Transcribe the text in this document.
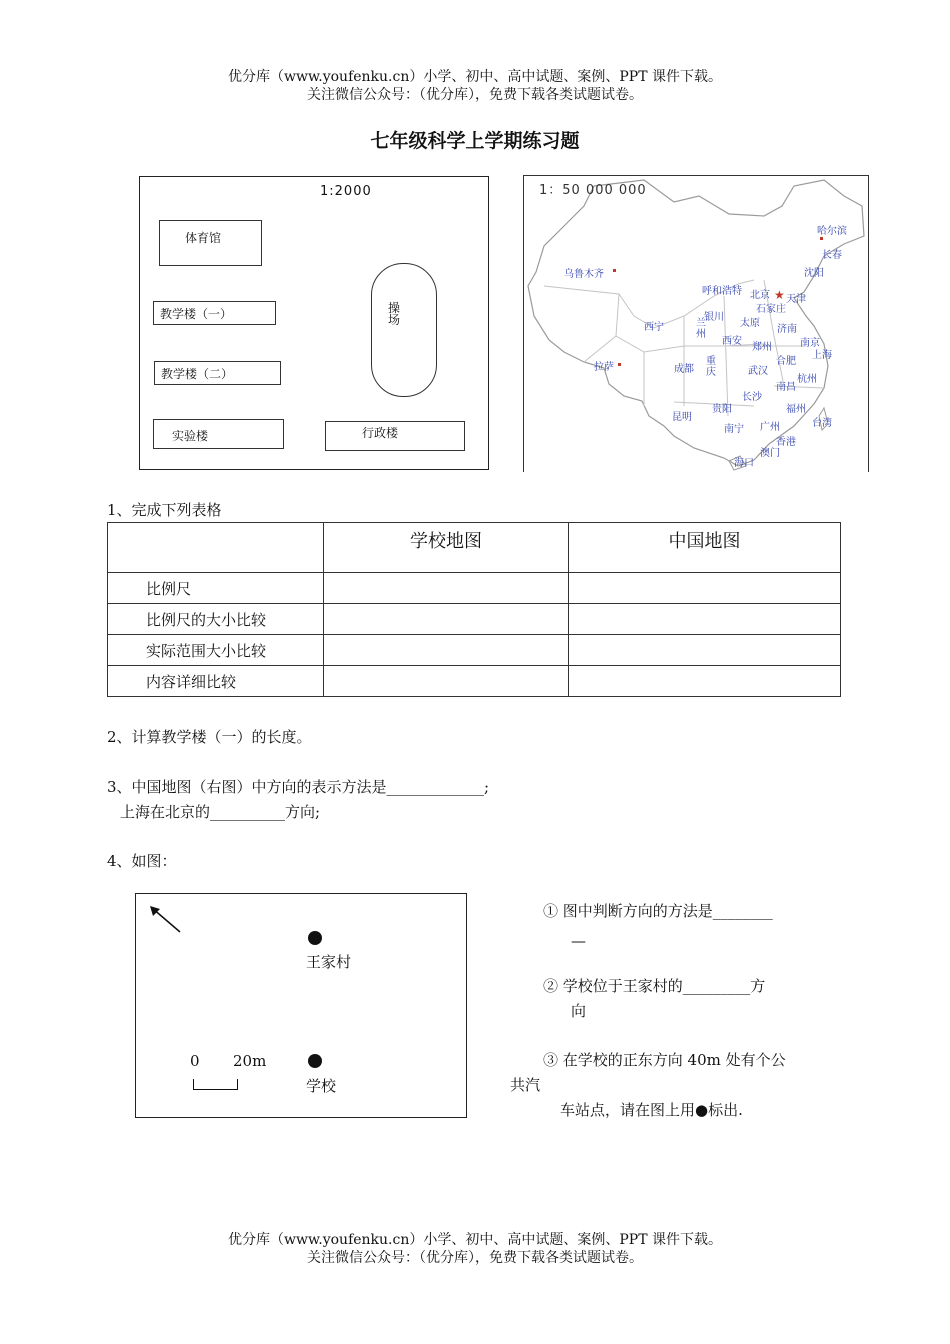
优分库（www.youfenku.cn）小学、初中、高中试题、案例、PPT 课件下载。
关注微信公众号：（优分库），免费下载各类试题试卷。
七年级科学上学期练习题
1:2000
体育馆
教学楼（一）
教学楼（二）
实验楼	行政楼
操
场
★
1：50 000 000
哈尔滨
长春
沈阳
乌鲁木齐
呼和浩特 北京 天津
石家庄
银川
太原
济南
西宁	兰
州
西安
郑州	南京
上海
合肥
拉萨	成都
重
庆	武汉
杭州
南昌
长沙
福州
台湾
昆明
贵阳
南宁 广州
香港
澳门
海口
1、完成下列表格
	学校地图	中国地图
比例尺		
比例尺的大小比较		
实际范围大小比较		
内容详细比较		
2、计算教学楼（一）的长度。
3、中国地图（右图）中方向的表示方法是_____________;
上海在北京的__________方向;
4、如图：
王家村
学校
0 20m
① 图中判断方向的方法是________
—
② 学校位于王家村的_________方
向
③ 在学校的正东方向 40m 处有个公
共汽
车站点，请在图上用●标出.
优分库（www.youfenku.cn）小学、初中、高中试题、案例、PPT 课件下载。
关注微信公众号：（优分库），免费下载各类试题试卷。
